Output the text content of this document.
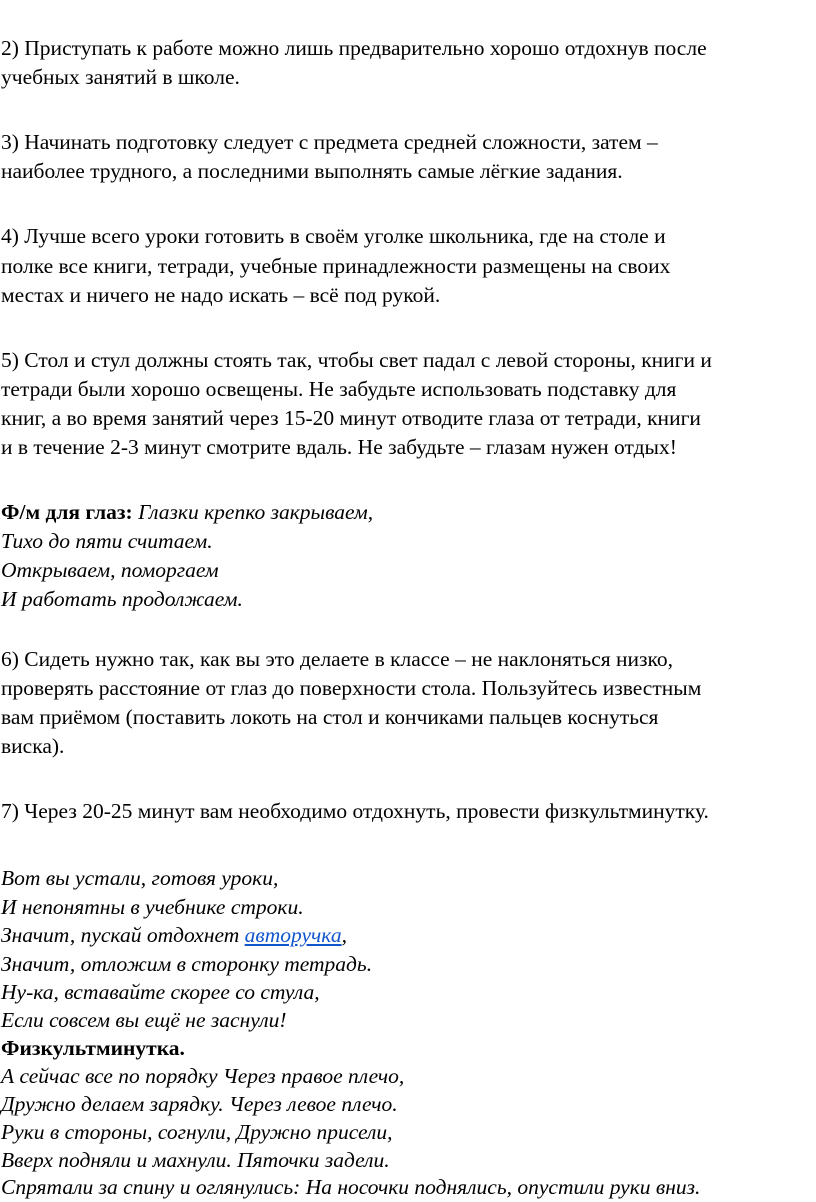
2) Приступать к работе можно лишь предварительно хорошо отдохнув после
учебных занятий в школе.
3) Начинать подготовку следует с предмета средней сложности, затем –
наиболее трудного, а последними выполнять самые лёгкие задания.
4) Лучше всего уроки готовить в своём уголке школьника, где на столе и
полке все книги, тетради, учебные принадлежности размещены на своих
местах и ничего не надо искать – всё под рукой.
5) Стол и стул должны стоять так, чтобы свет падал с левой стороны, книги и
тетради были хорошо освещены. Не забудьте использовать подставку для
книг, а во время занятий через 15-20 минут отводите глаза от тетради, книги
и в течение 2-3 минут смотрите вдаль. Не забудьте – глазам нужен отдых!
Ф/м для глаз: Глазки крепко закрываем,
Тихо до пяти считаем.
Открываем, поморгаем
И работать продолжаем.
6) Сидеть нужно так, как вы это делаете в классе – не наклоняться низко,
проверять расстояние от глаз до поверхности стола. Пользуйтесь известным
вам приёмом (поставить локоть на стол и кончиками пальцев коснуться
виска).
7) Через 20-25 минут вам необходимо отдохнуть, провести физкультминутку.
Вот вы устали, готовя уроки,
И непонятны в учебнике строки.
Значит, пускай отдохнет авторучка,
Значит, отложим в сторонку тетрадь.
Ну-ка, вставайте скорее со стула,
Если совсем вы ещё не заснули!
Физкультминутка.
А сейчас все по порядку Через правое плечо,
Дружно делаем зарядку. Через левое плечо.
Руки в стороны, согнули, Дружно присели,
Вверх подняли и махнули. Пяточки задели.
Спрятали за спину и оглянулись: На носочки поднялись, опустили руки вниз.
